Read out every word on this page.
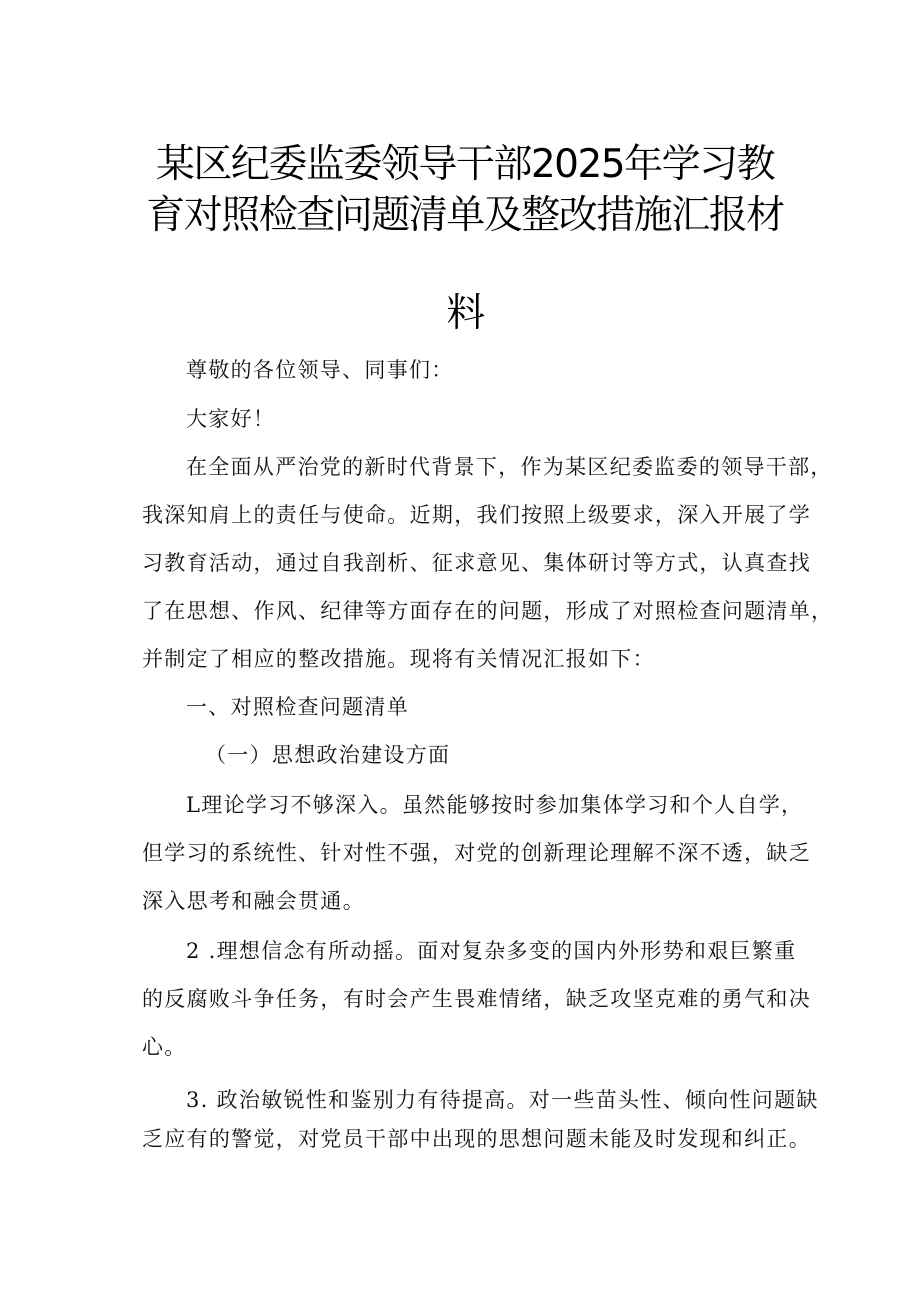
某区纪委监委领导干部2025年学习教
育对照检查问题清单及整改措施汇报材
料
尊敬的各位领导、同事们：
大家好！
在全面从严治党的新时代背景下，作为某区纪委监委的领导干部，
我深知肩上的责任与使命。近期，我们按照上级要求，深入开展了学
习教育活动，通过自我剖析、征求意见、集体研讨等方式，认真查找
了在思想、作风、纪律等方面存在的问题，形成了对照检查问题清单，
并制定了相应的整改措施。现将有关情况汇报如下：
一、对照检查问题清单
（一）思想政治建设方面
L理论学习不够深入。虽然能够按时参加集体学习和个人自学，
但学习的系统性、针对性不强，对党的创新理论理解不深不透，缺乏
深入思考和融会贯通。
2 .理想信念有所动摇。面对复杂多变的国内外形势和艰巨繁重
的反腐败斗争任务，有时会产生畏难情绪，缺乏攻坚克难的勇气和决
心。
3. 政治敏锐性和鉴别力有待提高。对一些苗头性、倾向性问题缺
乏应有的警觉，对党员干部中出现的思想问题未能及时发现和纠正。
